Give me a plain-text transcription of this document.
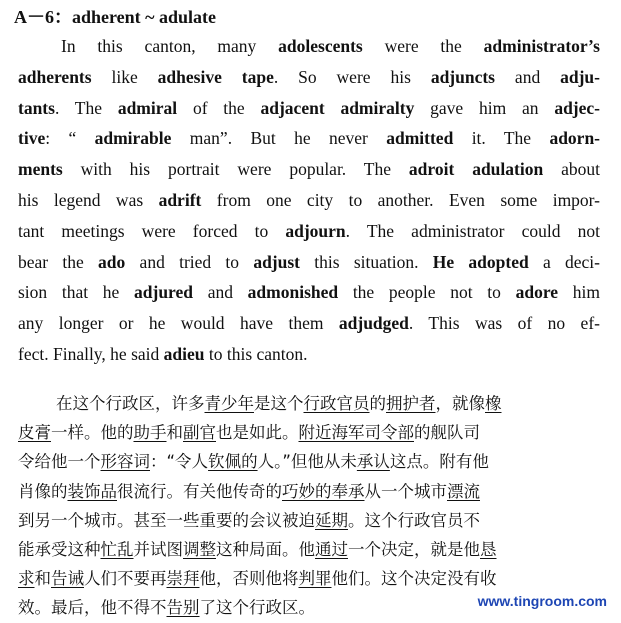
A－6：adherent ~ adulate
In this canton, many adolescents were the administrator’s
adherents like adhesive tape. So were his adjuncts and adju-
tants. The admiral of the adjacent admiralty gave him an adjec-
tive: “ admirable man”. But he never admitted it. The adorn-
ments with his portrait were popular. The adroit adulation about
his legend was adrift from one city to another. Even some impor-
tant meetings were forced to adjourn. The administrator could not
bear the ado and tried to adjust this situation. He adopted a deci-
sion that he adjured and admonished the people not to adore him
any longer or he would have them adjudged. This was of no ef-
fect. Finally, he said adieu to this canton.
在这个行政区，许多青少年是这个行政官员的拥护者，就像橡
皮膏一样。他的助手和副官也是如此。附近海军司令部的舰队司
令给他一个形容词：“令人钦佩的人。”但他从未承认这点。附有他
肖像的装饰品很流行。有关他传奇的巧妙的奉承从一个城市漂流
到另一个城市。甚至一些重要的会议被迫延期。这个行政官员不
能承受这种忙乱并试图调整这种局面。他通过一个决定，就是他恳
求和告诫人们不要再崇拜他，否则他将判罪他们。这个决定没有收
效。最后，他不得不告别了这个行政区。	www.tingroom.com
